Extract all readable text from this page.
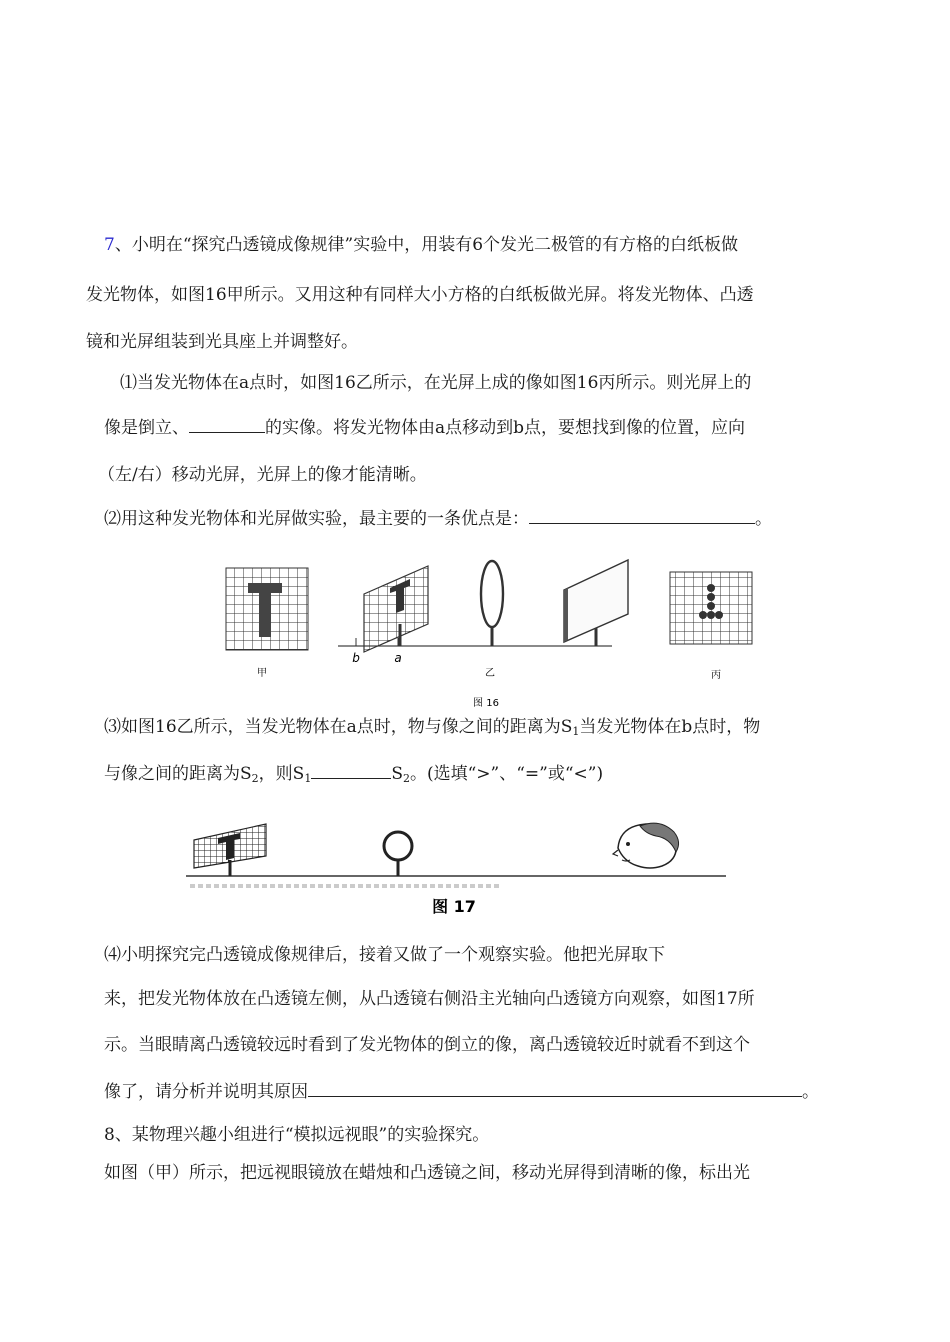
7、小明在“探究凸透镜成像规律”实验中，用装有6个发光二极管的有方格的白纸板做
发光物体，如图16甲所示。又用这种有同样大小方格的白纸板做光屏。将发光物体、凸透
镜和光屏组装到光具座上并调整好。
⑴当发光物体在a点时，如图16乙所示，在光屏上成的像如图16丙所示。则光屏上的
像是倒立、	的实像。将发光物体由a点移动到b点，要想找到像的位置，应向
（左/右）移动光屏，光屏上的像才能清晰。
⑵用这种发光物体和光屏做实验，最主要的一条优点是：	。
甲
b	a
乙	丙
图 16
⑶如图16乙所示，当发光物体在a点时，物与像之间的距离为$S_1$当发光物体在b点时，物
与像之间的距离为$S_2$，则$S_1$	$S_2$。(选填“>”、“=”或“<”)
图 17
⑷小明探究完凸透镜成像规律后，接着又做了一个观察实验。他把光屏取下
来，把发光物体放在凸透镜左侧，从凸透镜右侧沿主光轴向凸透镜方向观察，如图17所
示。当眼睛离凸透镜较远时看到了发光物体的倒立的像，离凸透镜较近时就看不到这个
像了，请分析并说明其原因	。
8、某物理兴趣小组进行“模拟远视眼”的实验探究。
如图（甲）所示，把远视眼镜放在蜡烛和凸透镜之间，移动光屏得到清晰的像，标出光
